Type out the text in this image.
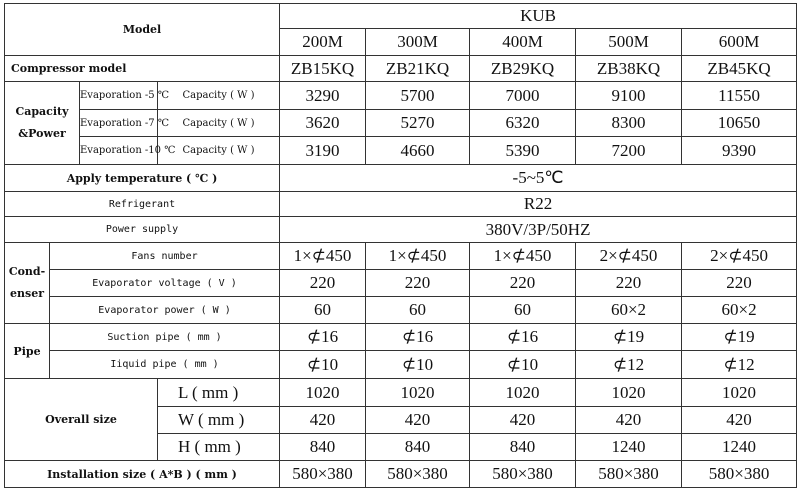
Model				KUB				
				200M	300M	400M	500M	600M
Compressor model				ZB15KQ	ZB21KQ	ZB29KQ	ZB38KQ	ZB45KQ

Capacity
&Power		Evaporation -5 ℃	Capacity ( W )	3290	5700	7000	9100	11550
		Evaporation -7 ℃	Capacity ( W )	3620	5270	6320	8300	10650
		Evaporation -10 ℃	Capacity ( W )	3190	4660	5390	7200	9390
Apply temperature ( ℃ )				-5~5℃				
Refrigerant				R22				
Power supply				380V/3P/50HZ				

Cond-
enser	Fans number			1×⊄450	1×⊄450	1×⊄450	2×⊄450	2×⊄450
	Evaporator voltage ( V )			220	220	220	220	220
	Evaporator power ( W )			60	60	60	60×2	60×2
Pipe	Suction pipe ( mm )			⊄16	⊄16	⊄16	⊄19	⊄19
	Iiquid pipe ( mm )			⊄10	⊄10	⊄10	⊄12	⊄12
Overall size			L ( mm )	1020	1020	1020	1020	1020
			W ( mm )	420	420	420	420	420
			H ( mm )	840	840	840	1240	1240
Installation size ( A*B ) ( mm )				580×380	580×380	580×380	580×380	580×380
